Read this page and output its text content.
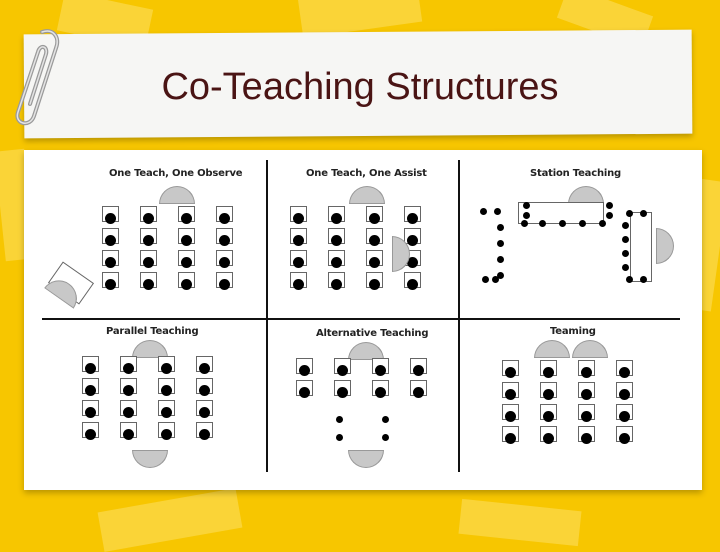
Co-Teaching Structures
One Teach, One Observe	One Teach, One Assist	Station Teaching
Parallel Teaching	Alternative Teaching	Teaming
